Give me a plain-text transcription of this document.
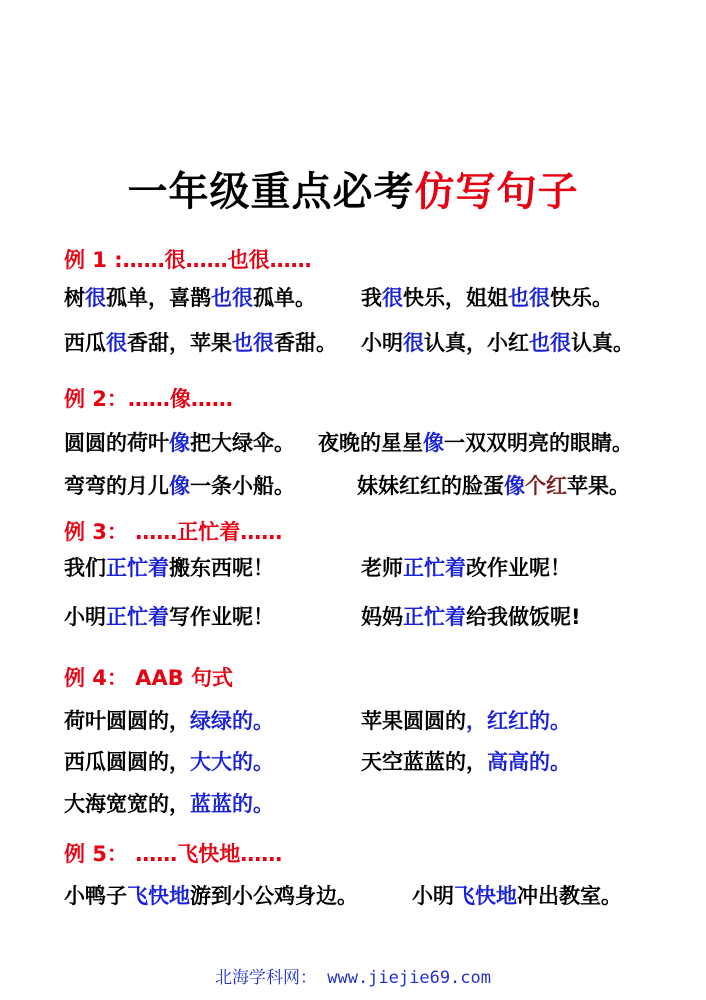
一年级重点必考仿写句子
例 1 :……很……也很……
树很孤单，喜鹊也很孤单。 我很快乐，姐姐也很快乐。
西瓜很香甜，苹果也很香甜。 小明很认真，小红也很认真。
例 2：……像……
圆圆的荷叶像把大绿伞。 夜晚的星星像一双双明亮的眼睛。
弯弯的月儿像一条小船。	妹妹红红的脸蛋像个红苹果。
例 3： ……正忙着……
我们正忙着搬东西呢！	老师正忙着改作业呢！
小明正忙着写作业呢！	妈妈正忙着给我做饭呢!
例 4： AAB 句式
荷叶圆圆的，绿绿的。	苹果圆圆的，红红的。
西瓜圆圆的，大大的。	天空蓝蓝的，高高的。
大海宽宽的，蓝蓝的。
例 5： ……飞快地……
小鸭子飞快地游到小公鸡身边。	小明飞快地冲出教室。
北海学科网： www.jiejie69.com
